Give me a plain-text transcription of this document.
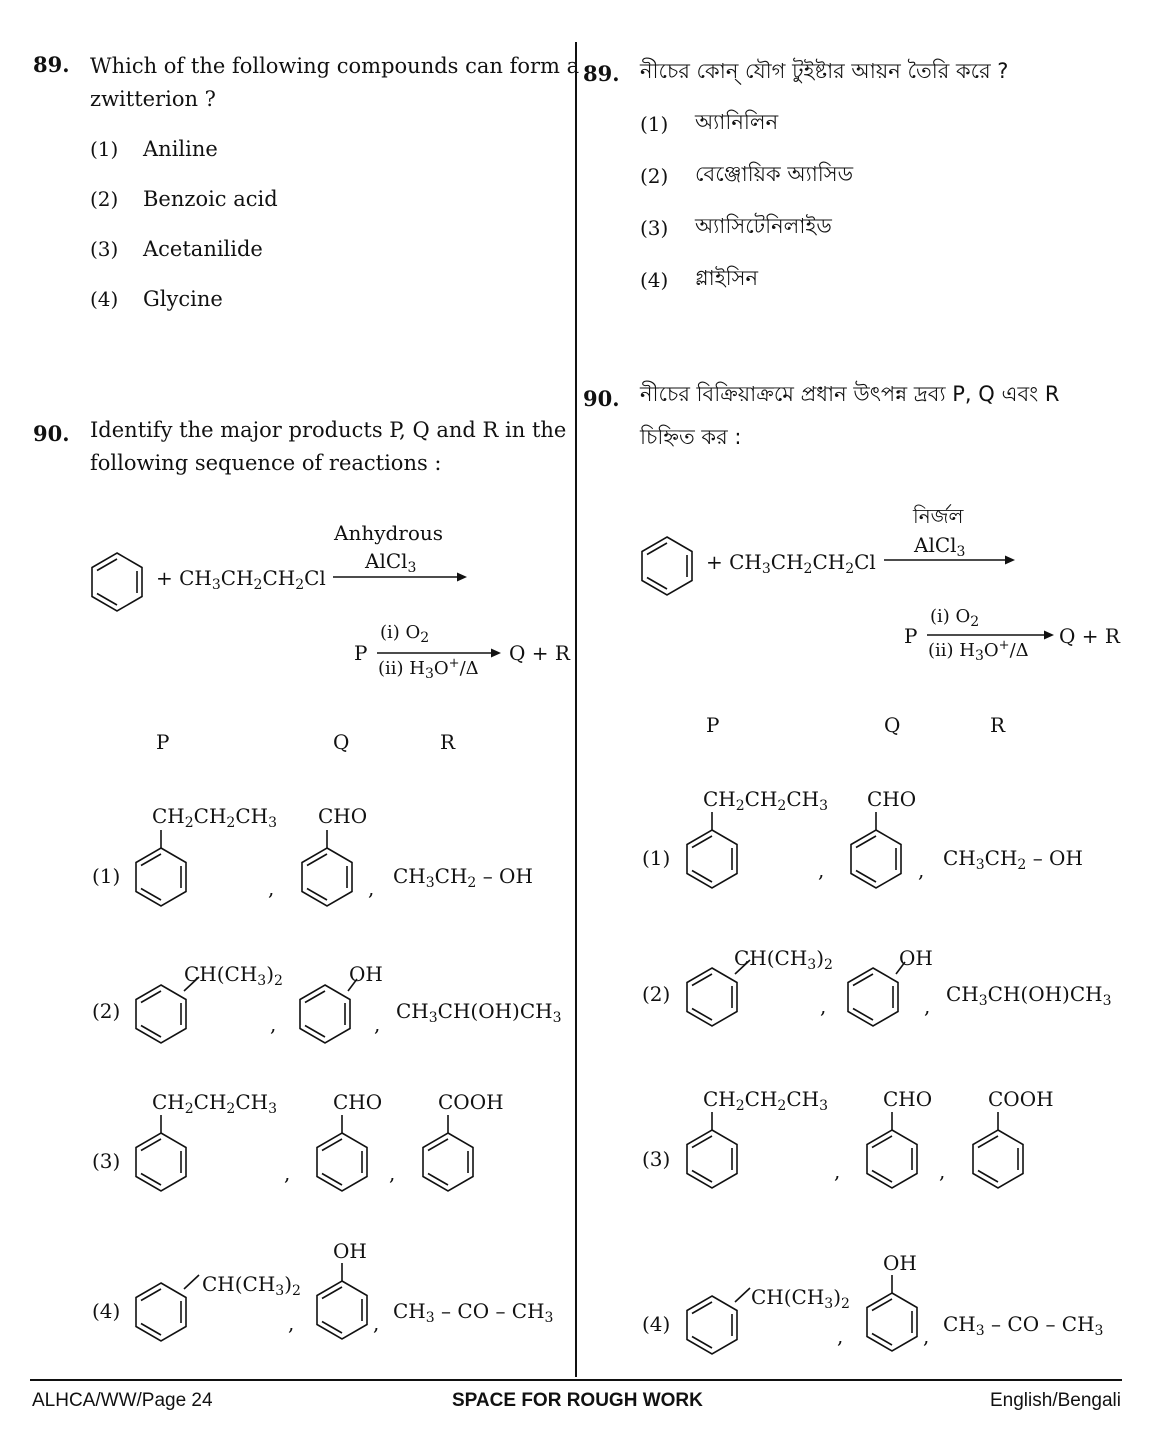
89. Which of the following compounds can form a
zwitterion ?
(1) Aniline
(2) Benzoic acid
(3) Acetanilide
(4) Glycine
90. Identify the major products P, Q and R in the
following sequence of reactions :
+ $CH_3CH_2CH_2Cl$
Anhydrous
AlCl$_3$
P
(i) $O_2$
(ii) $H_3O^+/\Delta$
Q + R
P	Q	R
(1)
$CH_2CH_2CH_3$
,
CHO
, $CH_3CH_2$ – OH
(2)
$CH(CH_3)_2$
,
OH
,
$CH_3CH(OH)CH_3$
(3)
$CH_2CH_2CH_3$
,
CHO
,
COOH
(4)
$CH(CH_3)_2$
,
OH
, $CH_3$ – CO – $CH_3$
89. নীচের কোন্ যৌগ টুইষ্টার আয়ন তৈরি করে ?
(1) অ্যানিলিন
(2) বেঞ্জোয়িক অ্যাসিড
(3) অ্যাসিটেনিলাইড
(4) গ্লাইসিন
90. নীচের বিক্রিয়াক্রমে প্রধান উৎপন্ন দ্রব্য P, Q এবং R
চিহ্নিত কর :
+ $CH_3CH_2CH_2Cl$
নির্জল
AlCl$_3$
P
(i) $O_2$
(ii) $H_3O^+/\Delta$
Q + R
P	Q	R
(1)
$CH_2CH_2CH_3$
,
CHO
, $CH_3CH_2$ – OH
(2)
$CH(CH_3)_2$
,
OH
, $CH_3CH(OH)CH_3$
(3)
$CH_2CH_2CH_3$
,
CHO
,
COOH
(4)
$CH(CH_3)_2$
,
OH
, $CH_3$ – CO – $CH_3$
ALHCA/WW/Page 24	SPACE FOR ROUGH WORK	English/Bengali
